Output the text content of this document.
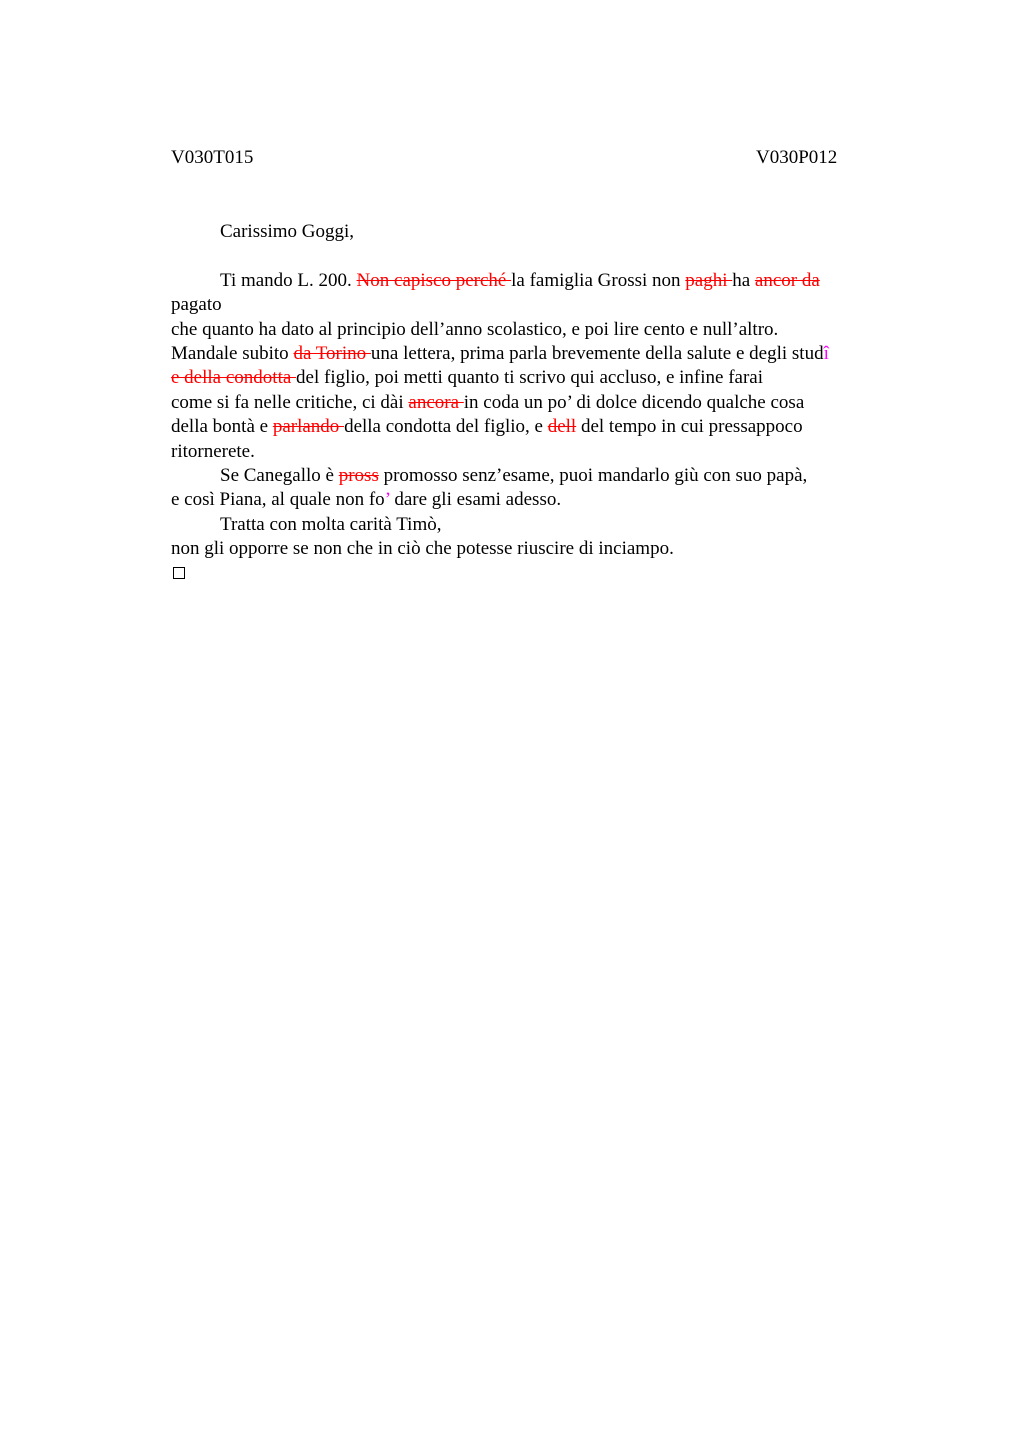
V030T015	V030P012
Carissimo Goggi,
Ti mando L. 200. Non capisco perché la famiglia Grossi non paghi ha ancor da
pagato
che quanto ha dato al principio dell’anno scolastico, e poi lire cento e null’altro.
Mandale subito da Torino una lettera, prima parla brevemente della salute e degli studî
e della condotta del figlio, poi metti quanto ti scrivo qui accluso, e infine farai
come si fa nelle critiche, ci dài ancora in coda un po’ di dolce dicendo qualche cosa
della bontà e parlando della condotta del figlio, e dell del tempo in cui pressappoco
ritornerete.
Se Canegallo è pross promosso senz’esame, puoi mandarlo giù con suo papà,
e così Piana, al quale non fo’ dare gli esami adesso.
Tratta con molta carità Timò,
non gli opporre se non che in ciò che potesse riuscire di inciampo.
